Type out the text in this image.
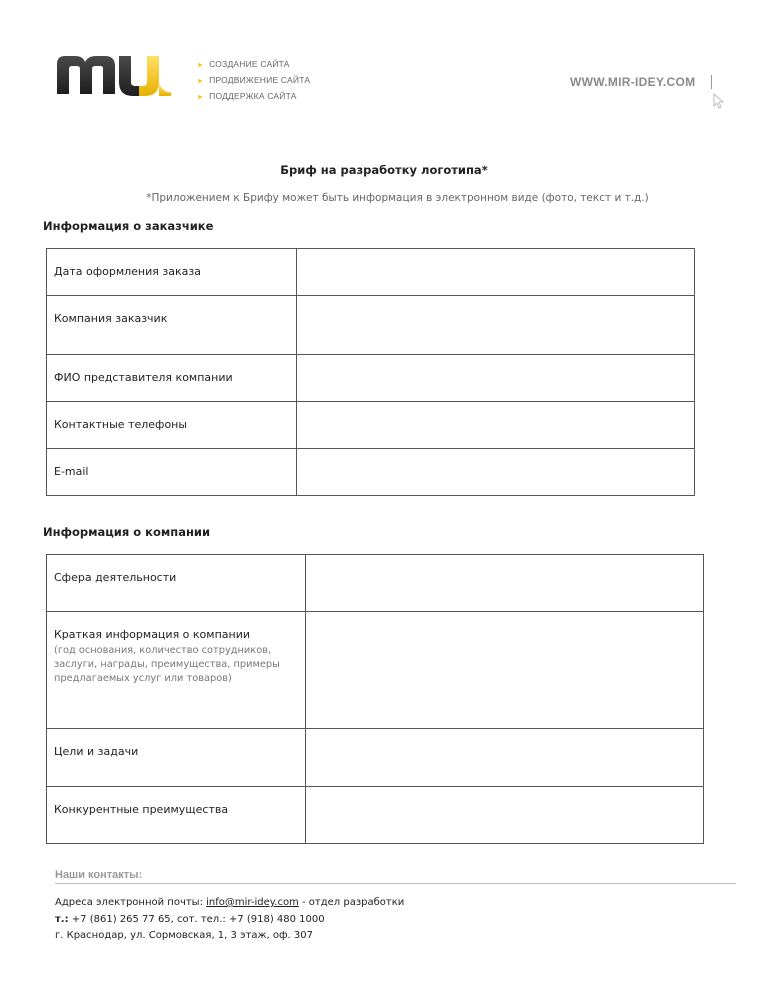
► СОЗДАНИЕ САЙТА
► ПРОДВИЖЕНИЕ САЙТА
► ПОДДЕРЖКА САЙТА
WWW.MIR-IDEY.COM
Бриф на разработку логотипа*
*Приложением к Брифу может быть информация в электронном виде (фото, текст и т.д.)
Информация о заказчике
Дата оформления заказа	

Компания заказчик	

ФИО представителя компании	

Контактные телефоны	

E-mail	

Информация о компании
Сфера деятельности	

Краткая информация о компании
(год основания, количество сотрудников, заслуги, награды, преимущества, примеры предлагаемых услуг или товаров)	

Цели и задачи	

Конкурентные преимущества	

Наши контакты:
Адреса электронной почты: info@mir-idey.com - отдел разработки
т.: +7 (861) 265 77 65, сот. тел.: +7 (918) 480 1000
г. Краснодар, ул. Сормовская, 1, 3 этаж, оф. 307
